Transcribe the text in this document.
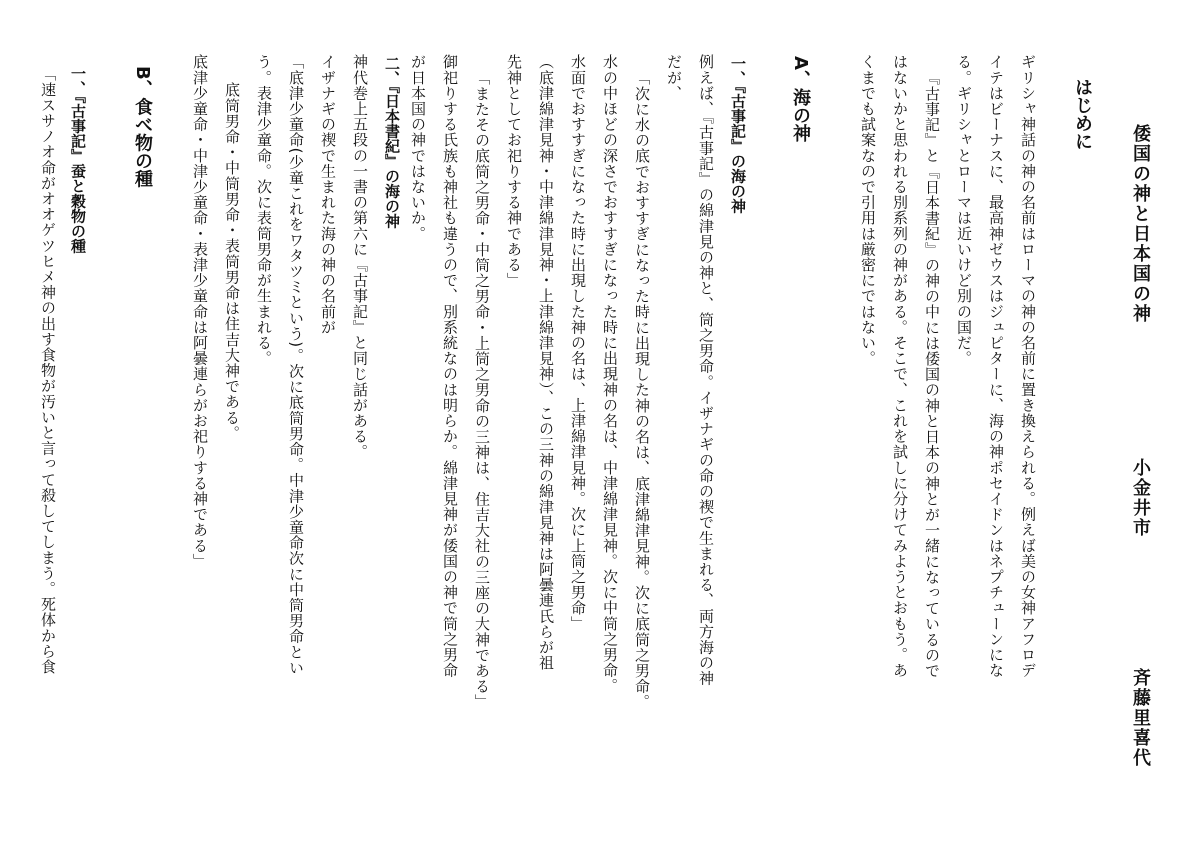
倭国の神と日本国の神
小金井市
斉藤里喜代
はじめに
ギリシャ神話の神の名前はローマの神の名前に置き換えられる。例えば美の女神アフロデ
イテはビーナスに、最高神ゼウスはジュピターに、海の神ポセイドンはネプチューンにな
る。ギリシャとローマは近いけど別の国だ。
『古事記』と『日本書紀』の神の中には倭国の神と日本の神とが一緒になっているので
はないかと思われる別系列の神がある。そこで、これを試しに分けてみようとおもう。あ
くまでも試案なので引用は厳密にではない。
A、海の神
一、『古事記』の海の神
例えば、『古事記』の綿津見の神と、筒之男命。イザナギの命の禊で生まれる、両方海の神
だが、
「次に水の底でおすすぎになった時に出現した神の名は、底津綿津見神。次に底筒之男命。
水の中ほどの深さでおすすぎになった時に出現神の名は、中津綿津見神。次に中筒之男命。
水面でおすすぎになった時に出現した神の名は、上津綿津見神。次に上筒之男命」
（底津綿津見神・中津綿津見神・上津綿津見神）、この三神の綿津見神は阿曇連氏らが祖
先神としてお祀りする神である」
「またその底筒之男命・中筒之男命・上筒之男命の三神は、住吉大社の三座の大神である」
御祀りする氏族も神社も違うので、別系統なのは明らか。綿津見神が倭国の神で筒之男命
が日本国の神ではないか。
二、『日本書紀』の海の神
神代巻上五段の一書の第六に『古事記』と同じ話がある。
イザナギの禊で生まれた海の神の名前が
「底津少童命(少童これをワタツミという)。次に底筒男命。中津少童命次に中筒男命とい
う。表津少童命。次に表筒男命が生まれる。
底筒男命・中筒男命・表筒男命は住吉大神である。
底津少童命・中津少童命・表津少童命は阿曇連らがお祀りする神である」
B、食べ物の種
一、『古事記』蚕と穀物の種
「速スサノオ命がオオゲツヒメ神の出す食物が汚いと言って殺してしまう。死体から食
